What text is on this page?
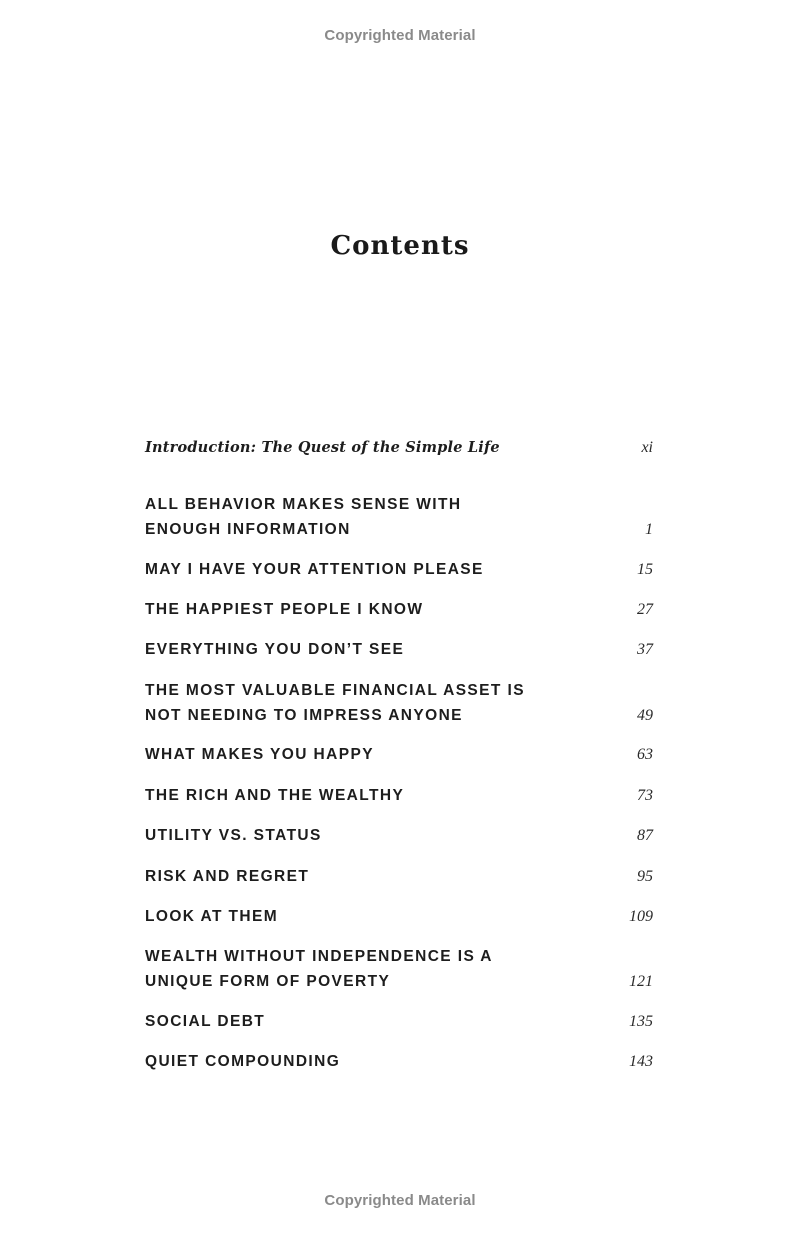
Copyrighted Material
Contents
Introduction: The Quest of the Simple Life	xi
ALL BEHAVIOR MAKES SENSE WITH
ENOUGH INFORMATION	1
MAY I HAVE YOUR ATTENTION PLEASE	15
THE HAPPIEST PEOPLE I KNOW	27
EVERYTHING YOU DON’T SEE	37
THE MOST VALUABLE FINANCIAL ASSET IS
NOT NEEDING TO IMPRESS ANYONE	49
WHAT MAKES YOU HAPPY	63
THE RICH AND THE WEALTHY	73
UTILITY VS. STATUS	87
RISK AND REGRET	95
LOOK AT THEM	109
WEALTH WITHOUT INDEPENDENCE IS A
UNIQUE FORM OF POVERTY	121
SOCIAL DEBT	135
QUIET COMPOUNDING	143
Copyrighted Material
